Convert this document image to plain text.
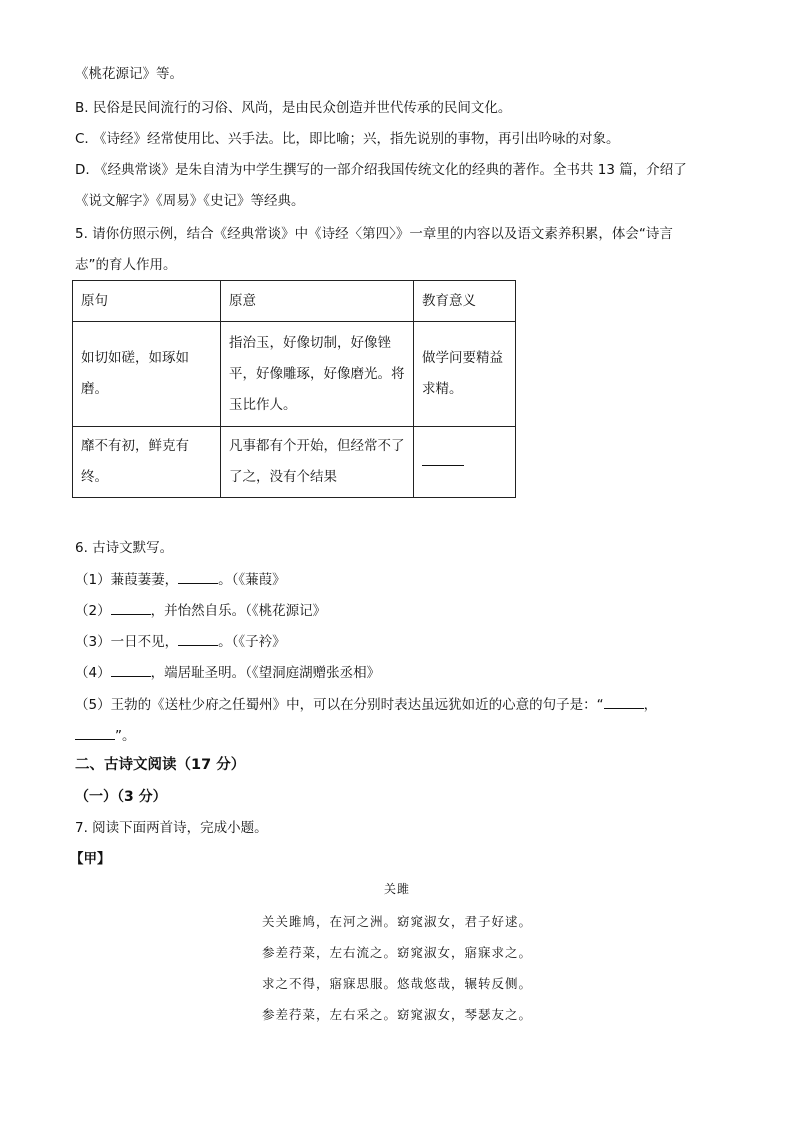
《桃花源记》等。
B. 民俗是民间流行的习俗、风尚，是由民众创造并世代传承的民间文化。
C. 《诗经》经常使用比、兴手法。比，即比喻；兴，指先说别的事物，再引出吟咏的对象。
D. 《经典常谈》是朱自清为中学生撰写的一部介绍我国传统文化的经典的著作。全书共 13 篇，介绍了
《说文解字》《周易》《史记》等经典。
5. 请你仿照示例，结合《经典常谈》中《诗经〈第四〉》一章里的内容以及语文素养积累，体会“诗言
志”的育人作用。
原句	原意	教育意义
如切如磋，如琢如磨。	指治玉，好像切制，好像锉平，好像雕琢，好像磨光。将玉比作人。	做学问要精益求精。
靡不有初，鲜克有终。	凡事都有个开始，但经常不了了之，没有个结果	
6. 古诗文默写。
（1）蒹葭萋萋，	。（《蒹葭》
（2）	，并怡然自乐。（《桃花源记》
（3）一日不见，	。（《子衿》
（4）	，端居耻圣明。（《望洞庭湖赠张丞相》
（5）王勃的《送杜少府之任蜀州》中，可以在分别时表达虽远犹如近的心意的句子是：“	，
”。
二、古诗文阅读（17 分）
（一）（3 分）
7. 阅读下面两首诗，完成小题。
【甲】
关雎
关关雎鸠，在河之洲。窈窕淑女，君子好逑。
参差荇菜，左右流之。窈窕淑女，寤寐求之。
求之不得，寤寐思服。悠哉悠哉，辗转反侧。
参差荇菜，左右采之。窈窕淑女，琴瑟友之。
